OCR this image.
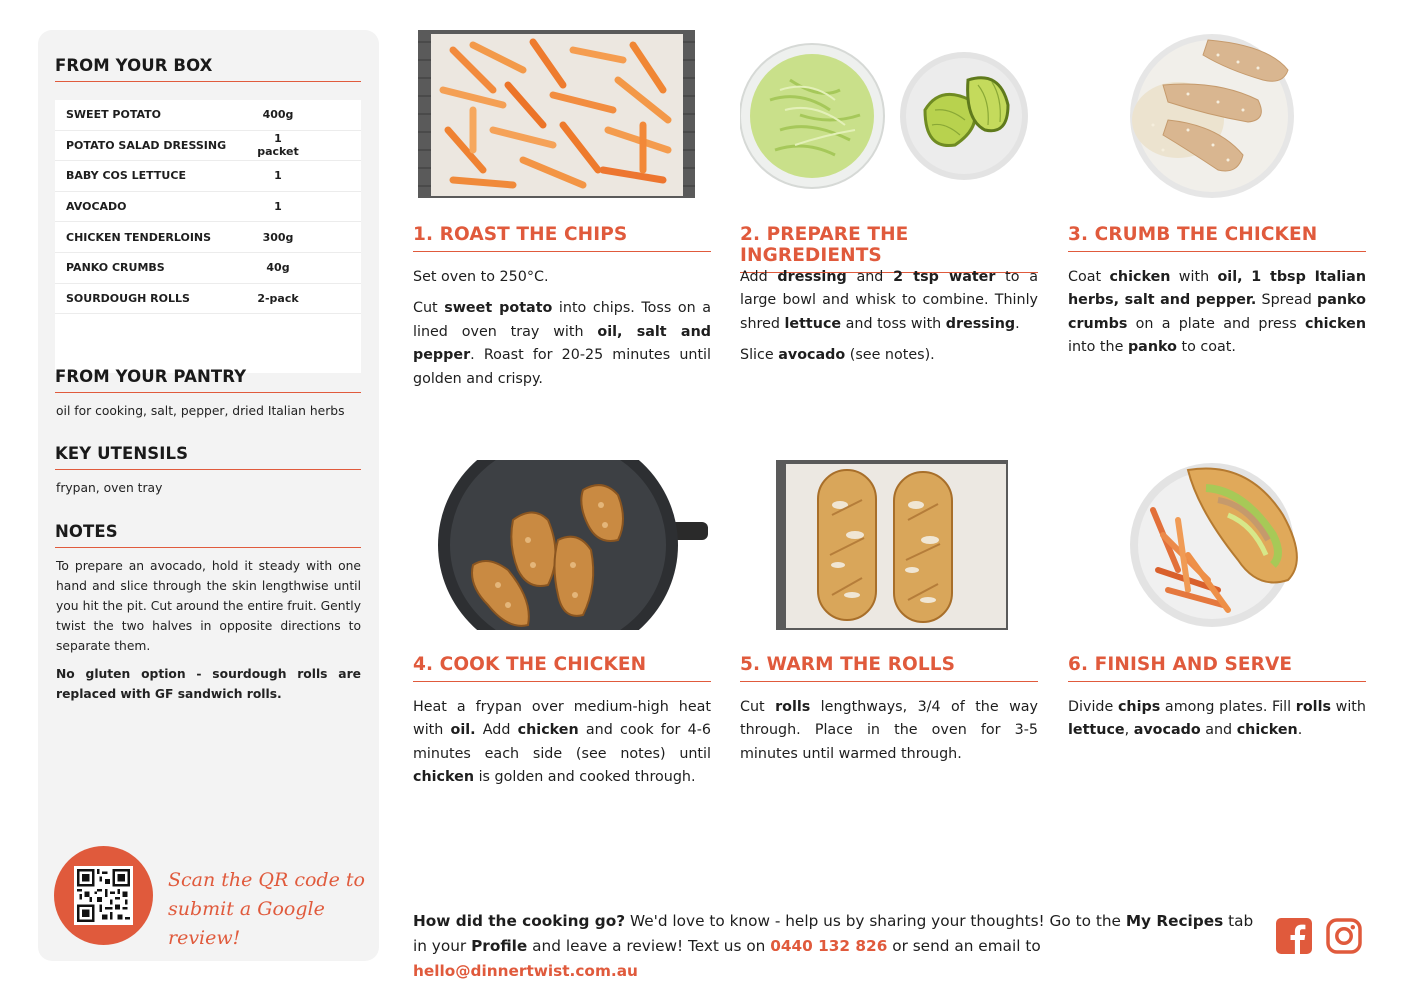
FROM YOUR BOX
SWEET POTATO	400g
POTATO SALAD DRESSING	1 packet
BABY COS LETTUCE	1
AVOCADO	1
CHICKEN TENDERLOINS	300g
PANKO CRUMBS	40g
SOURDOUGH ROLLS	2-pack
FROM YOUR PANTRY
oil for cooking, salt, pepper, dried Italian herbs
KEY UTENSILS
frypan, oven tray
NOTES
To prepare an avocado, hold it steady with one hand and slice through the skin lengthwise until you hit the pit. Cut around the entire fruit. Gently twist the two halves in opposite directions to separate them.
No gluten option - sourdough rolls are replaced with GF sandwich rolls.
Scan the QR code to
submit a Google review!
1. ROAST THE CHIPS

Set oven to 250°C.

Cut sweet potato into chips. Toss on a lined oven tray with oil, salt and pepper. Roast for 20-25 minutes until golden and crispy.

2. PREPARE THE INGREDIENTS

Add dressing and 2 tsp water to a large bowl and whisk to combine. Thinly shred lettuce and toss with dressing.

Slice avocado (see notes).

3. CRUMB THE CHICKEN

Coat chicken with oil, 1 tbsp Italian herbs, salt and pepper. Spread panko crumbs on a plate and press chicken into the panko to coat.

4. COOK THE CHICKEN

Heat a frypan over medium-high heat with oil. Add chicken and cook for 4-6 minutes each side (see notes) until chicken is golden and cooked through.

5. WARM THE ROLLS

Cut rolls lengthways, 3/4 of the way through. Place in the oven for 3-5 minutes until warmed through.

6. FINISH AND SERVE

Divide chips among plates. Fill rolls with lettuce, avocado and chicken.

How did the cooking go? We'd love to know - help us by sharing your thoughts! Go to the My Recipes tab in your Profile and leave a review! Text us on 0440 132 826 or send an email to hello@dinnertwist.com.au
